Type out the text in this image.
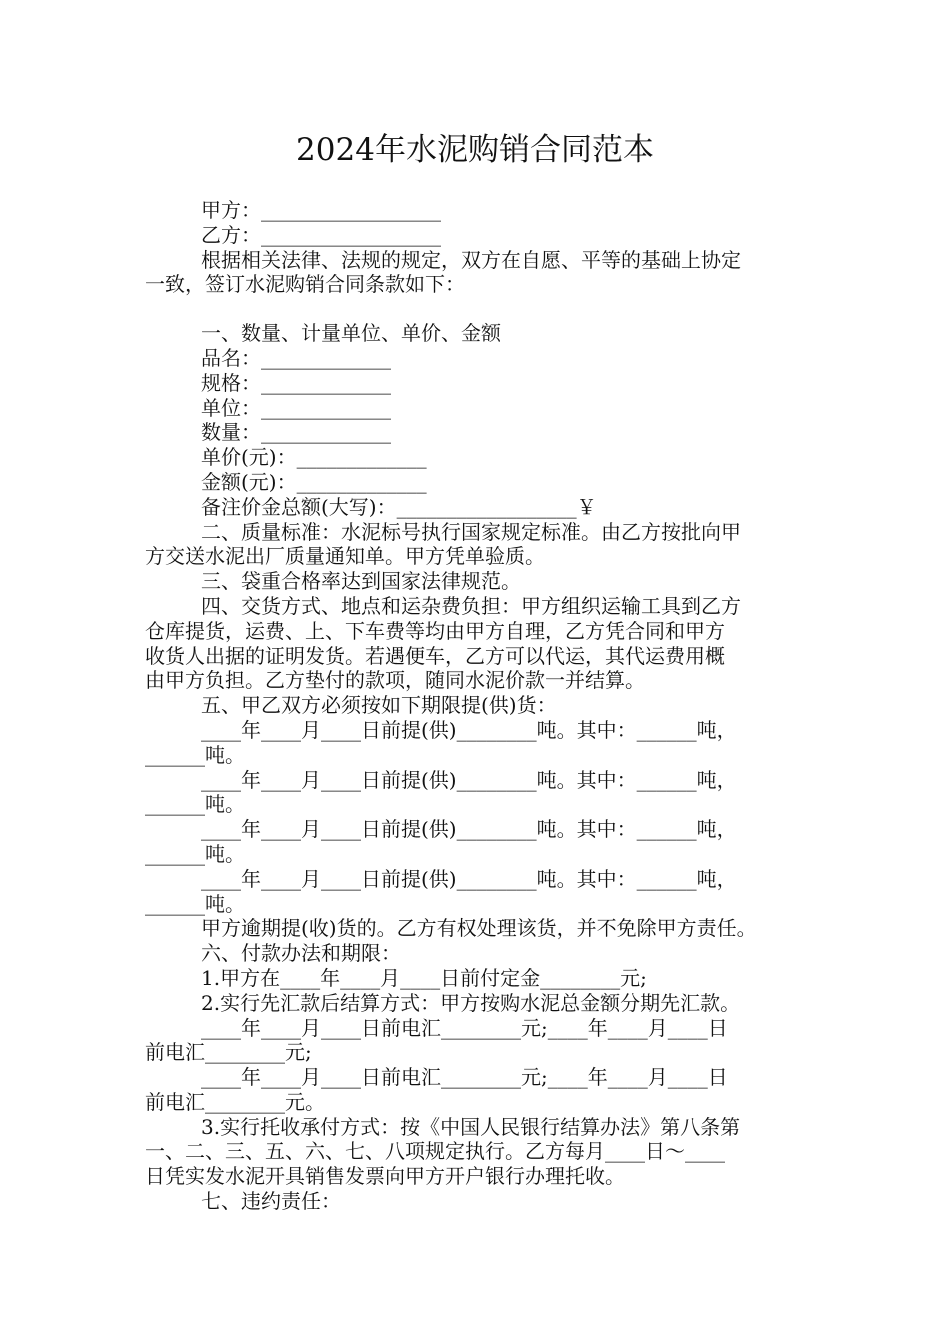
2024年水泥购销合同范本

甲方：__________________

乙方：__________________

根据相关法律、法规的规定，双方在自愿、平等的基础上协定

一致，签订水泥购销合同条款如下：

一、数量、计量单位、单价、金额

品名：_____________

规格：_____________

单位：_____________

数量：_____________

单价(元)：_____________

金额(元)：_____________

备注价金总额(大写)：__________________￥

二、质量标准：水泥标号执行国家规定标准。由乙方按批向甲

方交送水泥出厂质量通知单。甲方凭单验质。

三、袋重合格率达到国家法律规范。

四、交货方式、地点和运杂费负担：甲方组织运输工具到乙方

仓库提货，运费、上、下车费等均由甲方自理，乙方凭合同和甲方

收货人出据的证明发货。若遇便车，乙方可以代运，其代运费用概

由甲方负担。乙方垫付的款项，随同水泥价款一并结算。

五、甲乙双方必须按如下期限提(供)货：

____年____月____日前提(供)________吨。其中：______吨，

______吨。

____年____月____日前提(供)________吨。其中：______吨，

______吨。

____年____月____日前提(供)________吨。其中：______吨，

______吨。

____年____月____日前提(供)________吨。其中：______吨，

______吨。

甲方逾期提(收)货的。乙方有权处理该货，并不免除甲方责任。

六、付款办法和期限：

1.甲方在____年____月____日前付定金________元;

2.实行先汇款后结算方式：甲方按购水泥总金额分期先汇款。

____年____月____日前电汇________元;____年____月____日

前电汇________元;

____年____月____日前电汇________元;____年____月____日

前电汇________元。

3.实行托收承付方式：按《中国人民银行结算办法》第八条第

一、二、三、五、六、七、八项规定执行。乙方每月____日～____

日凭实发水泥开具销售发票向甲方开户银行办理托收。

七、违约责任：
